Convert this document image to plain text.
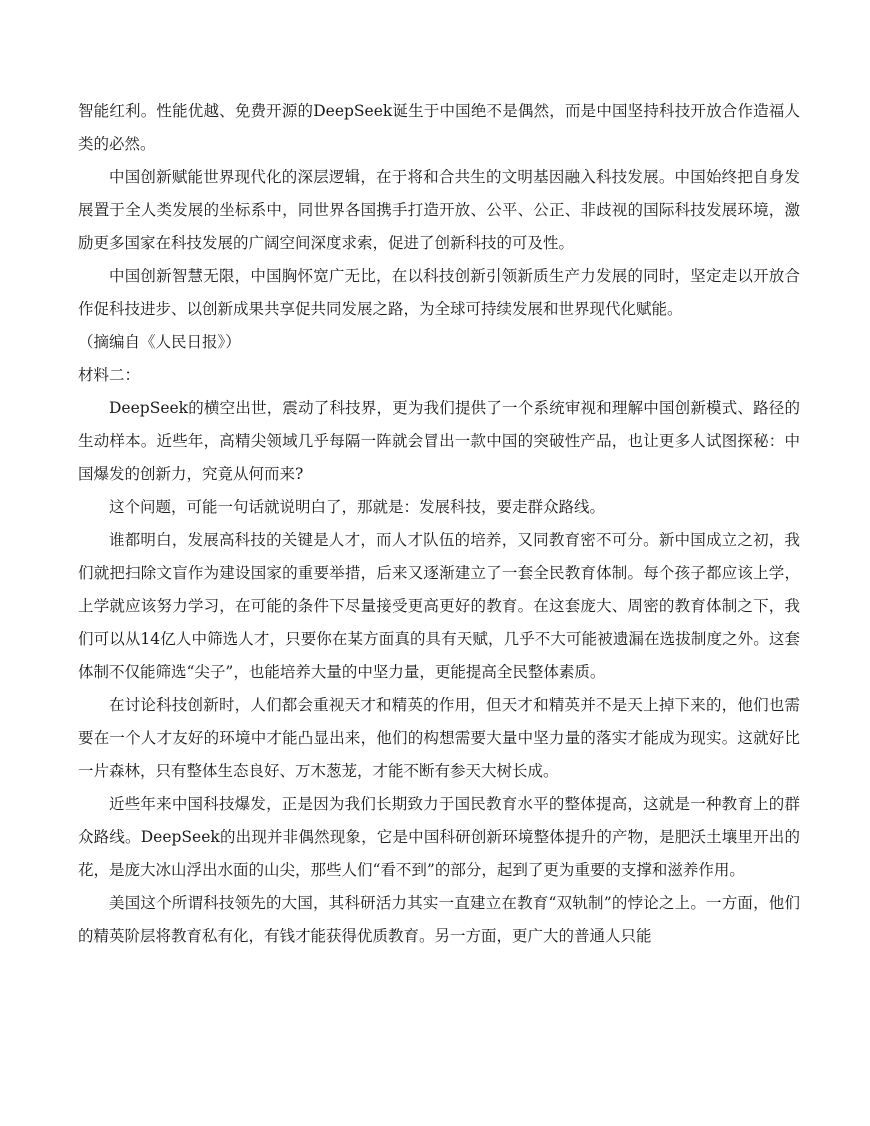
智能红利。性能优越、免费开源的DeepSeek诞生于中国绝不是偶然，而是中国坚持科技开放合作造福人类的必然。

中国创新赋能世界现代化的深层逻辑，在于将和合共生的文明基因融入科技发展。中国始终把自身发展置于全人类发展的坐标系中，同世界各国携手打造开放、公平、公正、非歧视的国际科技发展环境，激励更多国家在科技发展的广阔空间深度求索，促进了创新科技的可及性。

中国创新智慧无限，中国胸怀宽广无比，在以科技创新引领新质生产力发展的同时，坚定走以开放合作促科技进步、以创新成果共享促共同发展之路，为全球可持续发展和世界现代化赋能。

（摘编自《人民日报》）

材料二：

DeepSeek的横空出世，震动了科技界，更为我们提供了一个系统审视和理解中国创新模式、路径的生动样本。近些年，高精尖领域几乎每隔一阵就会冒出一款中国的突破性产品，也让更多人试图探秘：中国爆发的创新力，究竟从何而来?

这个问题，可能一句话就说明白了，那就是：发展科技，要走群众路线。

谁都明白，发展高科技的关键是人才，而人才队伍的培养，又同教育密不可分。新中国成立之初，我们就把扫除文盲作为建设国家的重要举措，后来又逐渐建立了一套全民教育体制。每个孩子都应该上学，上学就应该努力学习，在可能的条件下尽量接受更高更好的教育。在这套庞大、周密的教育体制之下，我们可以从14亿人中筛选人才，只要你在某方面真的具有天赋，几乎不大可能被遗漏在选拔制度之外。这套体制不仅能筛选“尖子”，也能培养大量的中坚力量，更能提高全民整体素质。

在讨论科技创新时，人们都会重视天才和精英的作用，但天才和精英并不是天上掉下来的，他们也需要在一个人才友好的环境中才能凸显出来，他们的构想需要大量中坚力量的落实才能成为现实。这就好比一片森林，只有整体生态良好、万木葱茏，才能不断有参天大树长成。

近些年来中国科技爆发，正是因为我们长期致力于国民教育水平的整体提高，这就是一种教育上的群众路线。DeepSeek的出现并非偶然现象，它是中国科研创新环境整体提升的产物，是肥沃土壤里开出的花，是庞大冰山浮出水面的山尖，那些人们“看不到”的部分，起到了更为重要的支撑和滋养作用。

美国这个所谓科技领先的大国，其科研活力其实一直建立在教育“双轨制”的悖论之上。一方面，他们的精英阶层将教育私有化，有钱才能获得优质教育。另一方面，更广大的普通人只能
